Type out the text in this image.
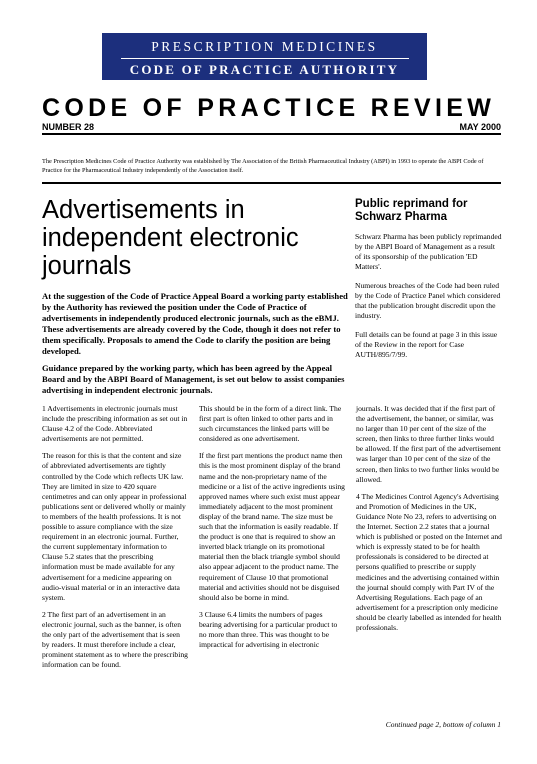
PRESCRIPTION MEDICINES
CODE OF PRACTICE AUTHORITY
CODE OF PRACTICE REVIEW
NUMBER 28	MAY 2000
The Prescription Medicines Code of Practice Authority was established by The Association of the British Pharmaceutical Industry (ABPI) in 1993 to operate the ABPI Code of Practice for the Pharmaceutical Industry independently of the Association itself.
Advertisements in independent electronic journals

At the suggestion of the Code of Practice Appeal Board a working party established by the Authority has reviewed the position under the Code of Practice of advertisements in independently produced electronic journals, such as the eBMJ. These advertisements are already covered by the Code, though it does not refer to them specifically. Proposals to amend the Code to clarify the position are being developed.

Guidance prepared by the working party, which has been agreed by the Appeal Board and by the ABPI Board of Management, is set out below to assist companies advertising in independent electronic journals.

Public reprimand for Schwarz Pharma

Schwarz Pharma has been publicly reprimanded by the ABPI Board of Management as a result of its sponsorship of the publication 'ED Matters'.

Numerous breaches of the Code had been ruled by the Code of Practice Panel which considered that the publication brought discredit upon the industry.

Full details can be found at page 3 in this issue of the Review in the report for Case AUTH/895/7/99.

1 Advertisements in electronic journals must include the prescribing information as set out in Clause 4.2 of the Code. Abbreviated advertisements are not permitted.

The reason for this is that the content and size of abbreviated advertisements are tightly controlled by the Code which reflects UK law. They are limited in size to 420 square centimetres and can only appear in professional publications sent or delivered wholly or mainly to members of the health professions. It is not possible to assure compliance with the size requirement in an electronic journal. Further, the current supplementary information to Clause 5.2 states that the prescribing information must be made available for any advertisement for a medicine appearing on audio-visual material or in an interactive data system.

2 The first part of an advertisement in an electronic journal, such as the banner, is often the only part of the advertisement that is seen by readers. It must therefore include a clear, prominent statement as to where the prescribing information can be found.

This should be in the form of a direct link. The first part is often linked to other parts and in such circumstances the linked parts will be considered as one advertisement.

If the first part mentions the product name then this is the most prominent display of the brand name and the non-proprietary name of the medicine or a list of the active ingredients using approved names where such exist must appear immediately adjacent to the most prominent display of the brand name. The size must be such that the information is easily readable. If the product is one that is required to show an inverted black triangle on its promotional material then the black triangle symbol should also appear adjacent to the product name. The requirement of Clause 10 that promotional material and activities should not be disguised should also be borne in mind.

3 Clause 6.4 limits the numbers of pages bearing advertising for a particular product to no more than three. This was thought to be impractical for advertising in electronic

journals. It was decided that if the first part of the advertisement, the banner, or similar, was no larger than 10 per cent of the size of the screen, then links to three further links would be allowed. If the first part of the advertisement was larger than 10 per cent of the size of the screen, then links to two further links would be allowed.

4 The Medicines Control Agency's Advertising and Promotion of Medicines in the UK, Guidance Note No 23, refers to advertising on the Internet. Section 2.2 states that a journal which is published or posted on the Internet and which is expressly stated to be for health professionals is considered to be directed at persons qualified to prescribe or supply medicines and the advertising contained within the journal should comply with Part IV of the Advertising Regulations. Each page of an advertisement for a prescription only medicine should be clearly labelled as intended for health professionals.

Continued page 2, bottom of column 1
